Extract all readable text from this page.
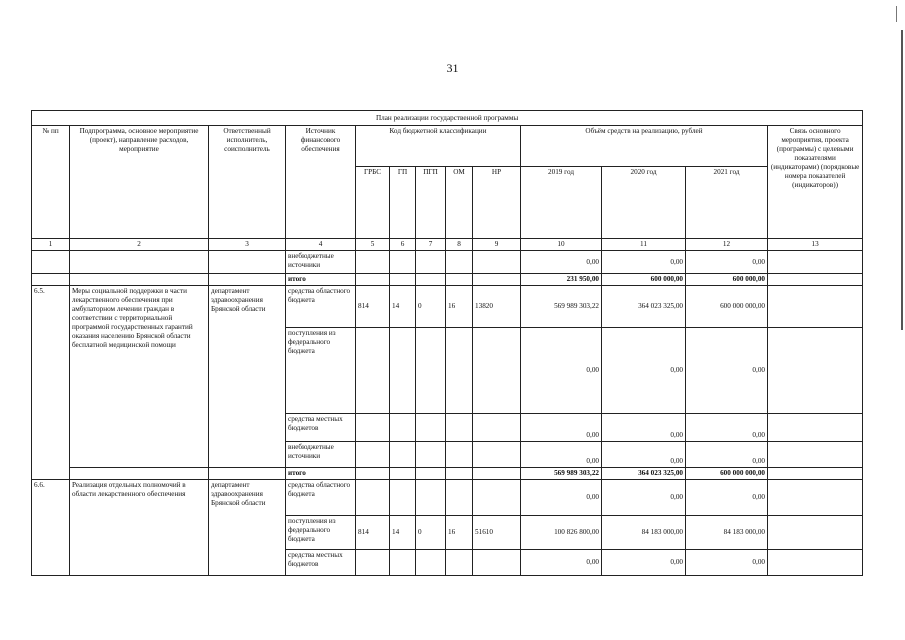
31
План реализации государственной программы												
№ пп	Подпрограмма, основное мероприятие (проект), направление расходов, мероприятие	Ответственный исполнитель, соисполнитель	Источник финансового обеспечения	Код бюджетной классификации					Объём средств на реализацию, рублей			Связь основного мероприятия, проекта (программы) с целевыми показателями (индикаторами) (порядковые номера показателей (индикаторов))
				ГРБС	ГП	ПГП	ОМ	НР	2019 год	2020 год	2021 год	
1	2	3	4	5	6	7	8	9	10	11	12	13
			внебюджетные источники						0,00	0,00	0,00	
			итого						231 950,00	600 000,00	600 000,00	
6.5.	Меры социальной поддержки в части лекарственного обеспечения при амбулаторном лечении граждан в соответствии с территориальной программой государственных гарантий оказания населению Брянской области бесплатной медицинской помощи	департамент здравоохранения Брянской области	средства областного бюджета	814	14	0	16	13820	569 989 303,22	364 023 325,00	600 000 000,00	
			поступления из федерального бюджета						0,00	0,00	0,00	
			средства местных бюджетов						0,00	0,00	0,00	
			внебюджетные источники						0,00	0,00	0,00	
			итого						569 989 303,22	364 023 325,00	600 000 000,00	
6.6.	Реализация отдельных полномочий в области лекарственного обеспечения	департамент здравоохранения Брянской области	средства областного бюджета						0,00	0,00	0,00	
			поступления из федерального бюджета	814	14	0	16	51610	100 826 800,00	84 183 000,00	84 183 000,00	
			средства местных бюджетов						0,00	0,00	0,00	
